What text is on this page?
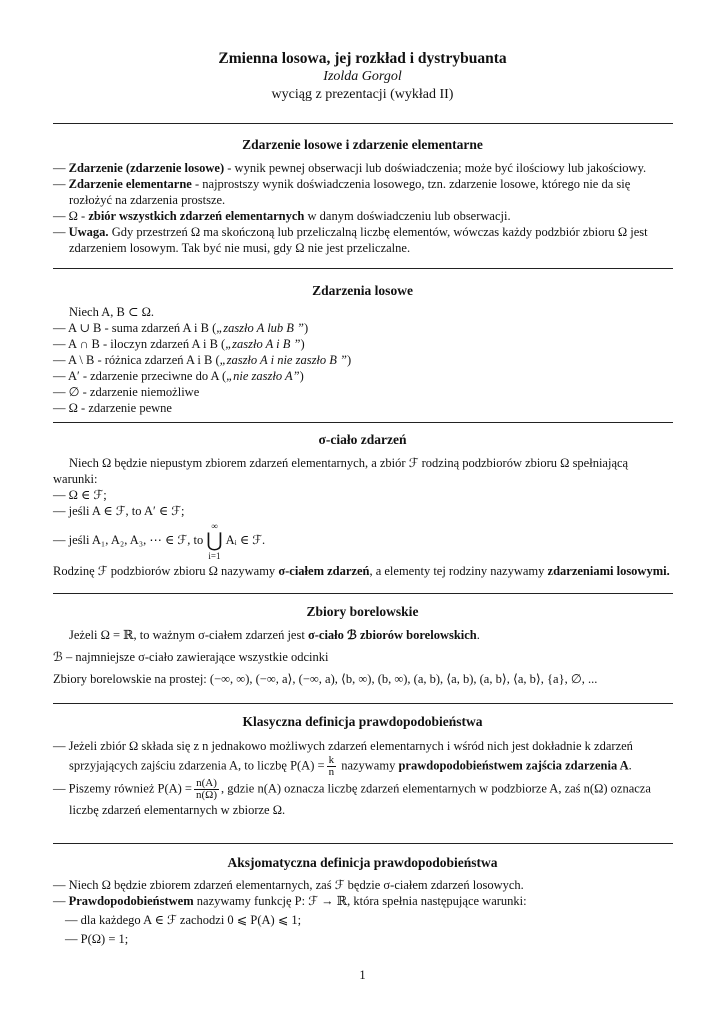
Zmienna losowa, jej rozkład i dystrybuanta
Izolda Gorgol
wyciąg z prezentacji (wykład II)
Zdarzenie losowe i zdarzenie elementarne

— Zdarzenie (zdarzenie losowe) - wynik pewnej obserwacji lub doświadczenia; może być ilościowy lub jakościowy.

— Zdarzenie elementarne - najprostszy wynik doświadczenia losowego, tzn. zdarzenie losowe, którego nie da się rozłożyć na zdarzenia prostsze.

— Ω - zbiór wszystkich zdarzeń elementarnych w danym doświadczeniu lub obserwacji.

— Uwaga. Gdy przestrzeń Ω ma skończoną lub przeliczalną liczbę elementów, wówczas każdy podzbiór zbioru Ω jest zdarzeniem losowym. Tak być nie musi, gdy Ω nie jest przeliczalne.

Zdarzenia losowe

Niech A, B ⊂ Ω.

— A ∪ B - suma zdarzeń A i B („zaszło A lub B ”)

— A ∩ B - iloczyn zdarzeń A i B („zaszło A i B ”)

— A \ B - różnica zdarzeń A i B („zaszło A i nie zaszło B ”)

— A′ - zdarzenie przeciwne do A („nie zaszło A”)

— ∅ - zdarzenie niemożliwe

— Ω - zdarzenie pewne

σ-ciało zdarzeń

Niech Ω będzie niepustym zbiorem zdarzeń elementarnych, a zbiór ℱ rodziną podzbiorów zbioru Ω spełniającą warunki:

— Ω ∈ ℱ;

— jeśli A ∈ ℱ, to A′ ∈ ℱ;

— jeśli A₁, A₂, A₃, ⋯ ∈ ℱ, to
∞
⋃
i=1
Aᵢ ∈ ℱ.

Rodzinę ℱ podzbiorów zbioru Ω nazywamy σ-ciałem zdarzeń, a elementy tej rodziny nazywamy zdarzeniami losowymi.

Zbiory borelowskie

Jeżeli Ω = ℝ, to ważnym σ-ciałem zdarzeń jest σ-ciało ℬ zbiorów borelowskich.

ℬ – najmniejsze σ-ciało zawierające wszystkie odcinki

Zbiory borelowskie na prostej: (−∞, ∞), (−∞, a⟩, (−∞, a), ⟨b, ∞), (b, ∞), (a, b), ⟨a, b), (a, b⟩, ⟨a, b⟩, {a}, ∅, ...

Klasyczna definicja prawdopodobieństwa

— Jeżeli zbiór Ω składa się z n jednakowo możliwych zdarzeń elementarnych i wśród nich jest dokładnie k zdarzeń sprzyjających zajściu zdarzenia A, to liczbę $P(A) = \frac{k}{n}$ nazywamy prawdopodobieństwem zajścia zdarzenia A.

— Piszemy również $P(A) = \frac{n(A)}{n(\Omega)}$ , gdzie n(A) oznacza liczbę zdarzeń elementarnych w podzbiorze A, zaś n(Ω) oznacza liczbę zdarzeń elementarnych w zbiorze Ω.

Aksjomatyczna definicja prawdopodobieństwa

— Niech Ω będzie zbiorem zdarzeń elementarnych, zaś ℱ będzie σ-ciałem zdarzeń losowych.

— Prawdopodobieństwem nazywamy funkcję P: ℱ → ℝ, która spełnia następujące warunki:

— dla każdego A ∈ ℱ zachodzi 0 ⩽ P(A) ⩽ 1;

— P(Ω) = 1;

1
